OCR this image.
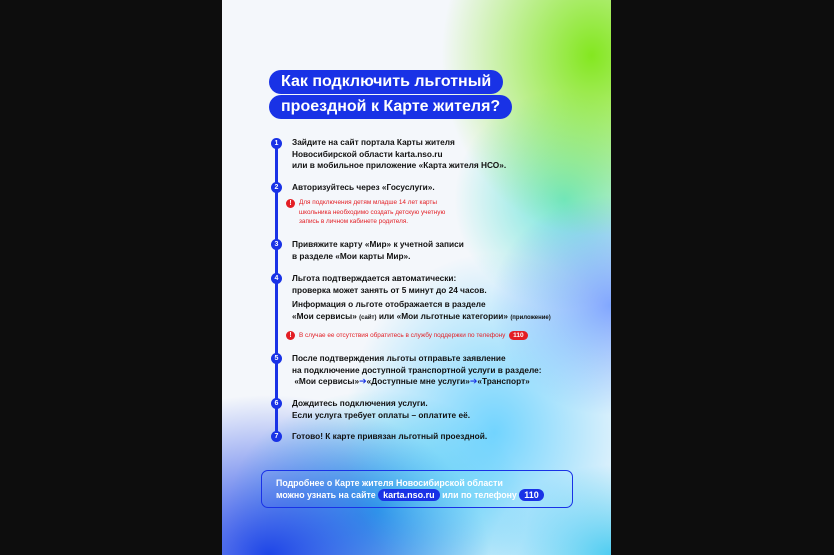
Как подключить льготный
проездной к Карте жителя?
1	Зайдите на сайт портала Карты жителя
Новосибирской области karta.nso.ru
или в мобильное приложение «Карта жителя НСО».
2	Авторизуйтесь через «Госуслуги».
!	Для подключения детям младше 14 лет карты
школьника необходимо создать детскую учетную
запись в личном кабинете родителя.
3	Привяжите карту «Мир» к учетной записи
в разделе «Мои карты Мир».
4	Льгота подтверждается автоматически:
проверка может занять от 5 минут до 24 часов.
Информация о льготе отображается в разделе
«Мои сервисы» (сайт) или «Мои льготные категории» (приложение)
!	В случае ее отсутствия обратитесь в службу поддержки по телефону 110
5	После подтверждения льготы отправьте заявление
на подключение доступной транспортной услуги в разделе:
«Мои сервисы»➔«Доступные мне услуги»➔«Транспорт»
6	Дождитесь подключения услуги.
Если услуга требует оплаты – оплатите её.
7	Готово! К карте привязан льготный проездной.
Подробнее о Карте жителя Новосибирской области
можно узнать на сайте karta.nso.ru или по телефону 110
